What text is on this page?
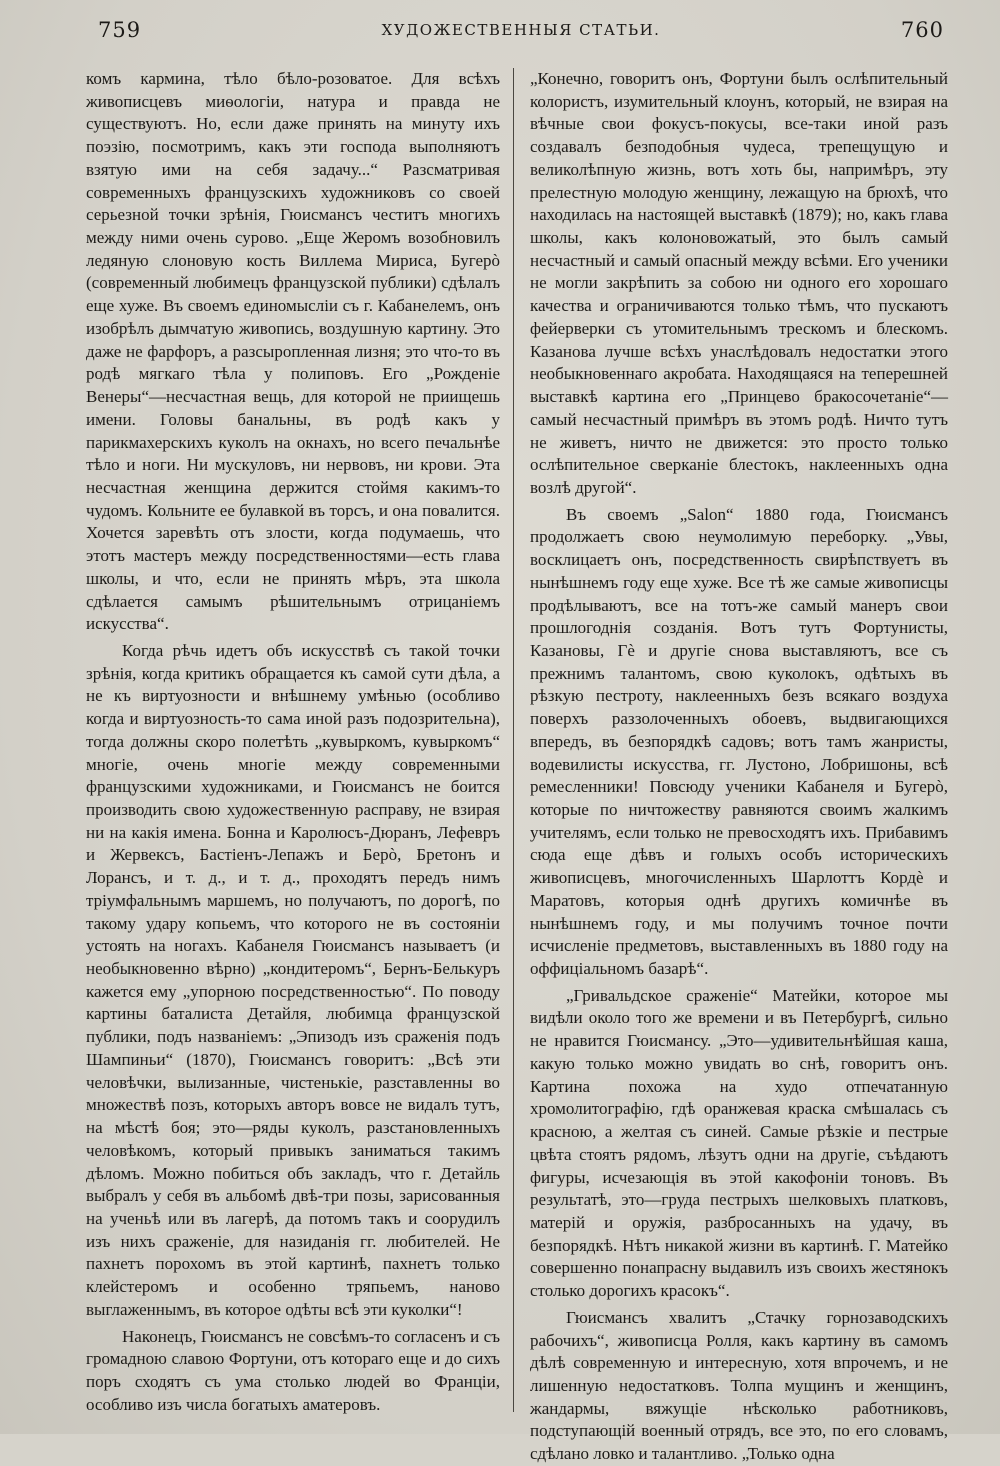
759	ХУДОЖЕСТВЕННЫЯ СТАТЬИ.	760

комъ кармина, тѣло бѣло-розоватое. Для всѣхъ живописцевъ миѳологіи, натура и правда не существуютъ. Но, если даже принять на минуту ихъ поэзію, посмотримъ, какъ эти господа выполняютъ взятую ими на себя задачу...“ Разсматривая современныхъ французскихъ художниковъ со своей серьезной точки зрѣнія, Гюисмансъ честитъ многихъ между ними очень сурово. „Еще Жеромъ возобновилъ ледяную слоновую кость Виллема Мириса, Бугерò (современный любимецъ французской публики) сдѣлалъ еще хуже. Въ своемъ единомысліи съ г. Кабанелемъ, онъ изобрѣлъ дымчатую живопись, воздушную картину. Это даже не фарфоръ, а разсыропленная лизня; это что-то въ родѣ мягкаго тѣла у полиповъ. Его „Рожденіе Венеры“—несчастная вещь, для которой не приищешь имени. Головы банальны, въ родѣ какъ у парикмахерскихъ куколъ на окнахъ, но всего печальнѣе тѣло и ноги. Ни мускуловъ, ни нервовъ, ни крови. Эта несчастная женщина держится стоймя какимъ-то чудомъ. Кольните ее булавкой въ торсъ, и она повалится. Хочется заревѣть отъ злости, когда подумаешь, что этотъ мастеръ между посредственностями—есть глава школы, и что, если не принять мѣръ, эта школа сдѣлается самымъ рѣшительнымъ отрицаніемъ искусства“.

Когда рѣчь идетъ объ искусствѣ съ такой точки зрѣнія, когда критикъ обращается къ самой сути дѣла, а не къ виртуозности и внѣшнему умѣнью (особливо когда и виртуозность-то сама иной разъ подозрительна), тогда должны скоро полетѣть „кувыркомъ, кувыркомъ“ многіе, очень многіе между современными французскими художниками, и Гюисмансъ не боится производить свою художественную расправу, не взирая ни на какія имена. Бонна и Каролюсъ-Дюранъ, Лефевръ и Жервексъ, Бастіенъ-Лепажъ и Берò, Бретонъ и Лорансъ, и т. д., и т. д., проходятъ передъ нимъ тріумфальнымъ маршемъ, но получаютъ, по дорогѣ, по такому удару копьемъ, что которого не въ состояніи устоять на ногахъ. Кабанеля Гюисмансъ называетъ (и необыкновенно вѣрно) „кондитеромъ“, Бернъ-Белькуръ кажется ему „упорною посредственностью“. По поводу картины баталиста Детайля, любимца французской публики, подъ названіемъ: „Эпизодъ изъ сраженія подъ Шампиньи“ (1870), Гюисмансъ говоритъ: „Всѣ эти человѣчки, вылизанные, чистенькіе, разставленны во множествѣ позъ, которыхъ авторъ вовсе не видалъ тутъ, на мѣстѣ боя; это—ряды куколъ, разстановленныхъ человѣкомъ, который привыкъ заниматься такимъ дѣломъ. Можно побиться объ закладъ, что г. Детайль выбралъ у себя въ альбомѣ двѣ-три позы, зарисованныя на ученьѣ или въ лагерѣ, да потомъ такъ и соорудилъ изъ нихъ сраженіе, для назиданія гг. любителей. Не пахнетъ порохомъ въ этой картинѣ, пахнетъ только клейстеромъ и особенно тряпьемъ, наново выглаженнымъ, въ которое одѣты всѣ эти куколки“!

Наконецъ, Гюисмансъ не совсѣмъ-то согласенъ и съ громадною славою Фортуни, отъ котораго еще и до сихъ поръ сходятъ съ ума столько людей во Франціи, особливо изъ числа богатыхъ аматеровъ.

„Конечно, говоритъ онъ, Фортуни былъ ослѣпительный колористъ, изумительный клоунъ, который, не взирая на вѣчные свои фокусъ-покусы, все-таки иной разъ создавалъ безподобныя чудеса, трепещущую и великолѣпную жизнь, вотъ хоть бы, напримѣръ, эту прелестную молодую женщину, лежащую на брюхѣ, что находилась на настоящей выставкѣ (1879); но, какъ глава школы, какъ колоновожатый, это былъ самый несчастный и самый опасный между всѣми. Его ученики не могли закрѣпить за собою ни одного его хорошаго качества и ограничиваются только тѣмъ, что пускаютъ фейерверки съ утомительнымъ трескомъ и блескомъ. Казанова лучше всѣхъ унаслѣдовалъ недостатки этого необыкновеннаго акробата. Находящаяся на теперешней выставкѣ картина его „Принцево бракосочетаніе“—самый несчастный примѣръ въ этомъ родѣ. Ничто тутъ не живетъ, ничто не движется: это просто только ослѣпительное сверканіе блестокъ, наклеенныхъ одна возлѣ другой“.

Въ своемъ „Salon“ 1880 года, Гюисмансъ продолжаетъ свою неумолимую переборку. „Увы, восклицаетъ онъ, посредственность свирѣпствуетъ въ нынѣшнемъ году еще хуже. Все тѣ же самые живописцы продѣлываютъ, все на тотъ-же самый манеръ свои прошлогоднія созданія. Вотъ тутъ Фортунисты, Казановы, Гè и другіе снова выставляютъ, все съ прежнимъ талантомъ, свою куколокъ, одѣтыхъ въ рѣзкую пестроту, наклеенныхъ безъ всякаго воздуха поверхъ раззолоченныхъ обоевъ, выдвигающихся впередъ, въ безпорядкѣ садовъ; вотъ тамъ жанристы, водевилисты искусства, гг. Лустоно, Лобришоны, всѣ ремесленники! Повсюду ученики Кабанеля и Бугерò, которые по ничтожеству равняются своимъ жалкимъ учителямъ, если только не превосходятъ ихъ. Прибавимъ сюда еще дѣвъ и голыхъ особъ историческихъ живописцевъ, многочисленныхъ Шарлоттъ Кордè и Маратовъ, которыя однѣ другихъ комичнѣе въ нынѣшнемъ году, и мы получимъ точное почти исчисленіе предметовъ, выставленныхъ въ 1880 году на оффиціальномъ базарѣ“.

„Гривальдское сраженіе“ Матейки, которое мы видѣли около того же времени и въ Петербургѣ, сильно не нравится Гюисмансу. „Это—удивительнѣйшая каша, какую только можно увидать во снѣ, говоритъ онъ. Картина похожа на худо отпечатанную хромолитографію, гдѣ оранжевая краска смѣшалась съ красною, а желтая съ синей. Самые рѣзкіе и пестрые цвѣта стоятъ рядомъ, лѣзутъ одни на другіе, съѣдаютъ фигуры, исчезающія въ этой какофоніи тоновъ. Въ результатѣ, это—груда пестрыхъ шелковыхъ платковъ, матерій и оружія, разбросанныхъ на удачу, въ безпорядкѣ. Нѣтъ никакой жизни въ картинѣ. Г. Матейко совершенно понапрасну выдавилъ изъ своихъ жестянокъ столько дорогихъ красокъ“.

Гюисмансъ хвалитъ „Стачку горнозаводскихъ рабочихъ“, живописца Ролля, какъ картину въ самомъ дѣлѣ современную и интересную, хотя впрочемъ, и не лишенную недостатковъ. Толпа мущинъ и женщинъ, жандармы, вяжущіе нѣсколько работниковъ, подступающій военный отрядъ, все это, по его словамъ, сдѣлано ловко и талантливо. „Только одна
